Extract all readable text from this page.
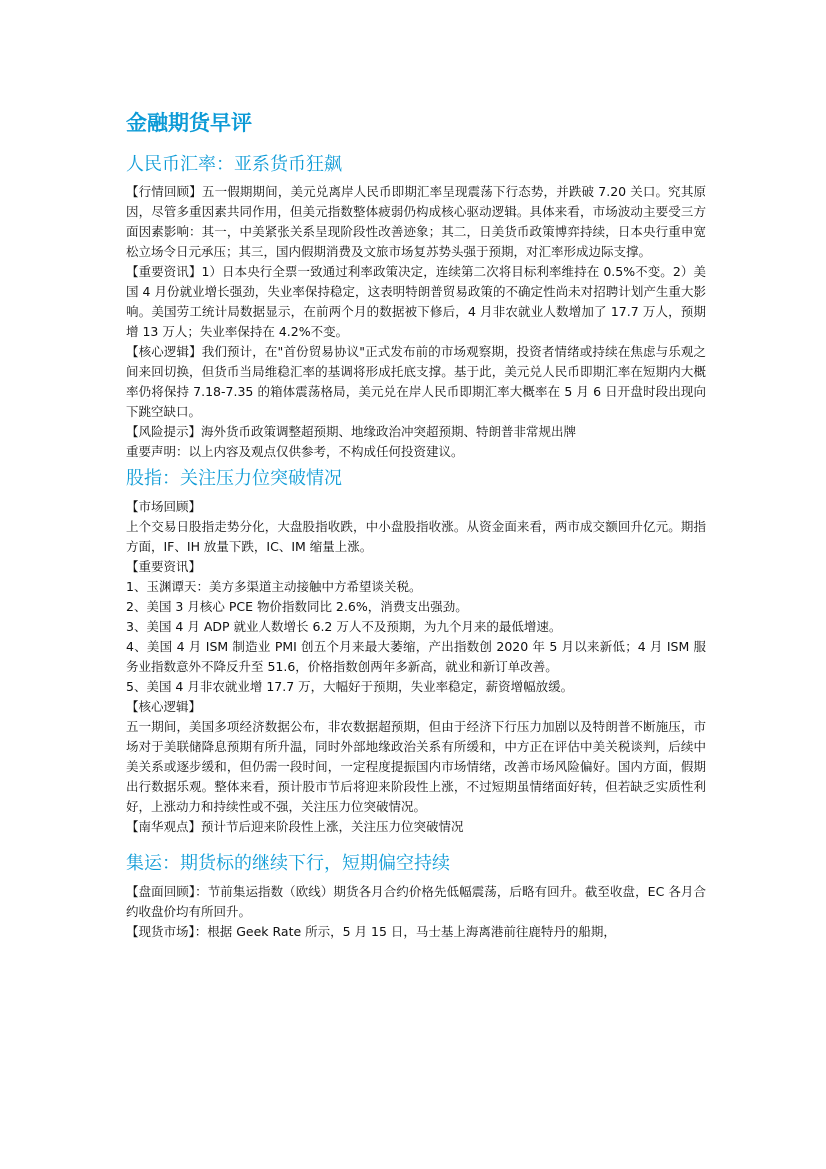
金融期货早评
人民币汇率：亚系货币狂飙

【行情回顾】五一假期期间，美元兑离岸人民币即期汇率呈现震荡下行态势，并跌破 7.20 关口。究其原因，尽管多重因素共同作用，但美元指数整体疲弱仍构成核心驱动逻辑。具体来看，市场波动主要受三方面因素影响：其一，中美紧张关系呈现阶段性改善迹象；其二，日美货币政策博弈持续，日本央行重申宽松立场令日元承压；其三，国内假期消费及文旅市场复苏势头强于预期，对汇率形成边际支撑。

【重要资讯】1）日本央行全票一致通过利率政策决定，连续第二次将目标利率维持在 0.5%不变。2）美国 4 月份就业增长强劲，失业率保持稳定，这表明特朗普贸易政策的不确定性尚未对招聘计划产生重大影响。美国劳工统计局数据显示，在前两个月的数据被下修后，4 月非农就业人数增加了 17.7 万人，预期增 13 万人；失业率保持在 4.2%不变。

【核心逻辑】我们预计，在"首份贸易协议"正式发布前的市场观察期，投资者情绪或持续在焦虑与乐观之间来回切换，但货币当局维稳汇率的基调将形成托底支撑。基于此，美元兑人民币即期汇率在短期内大概率仍将保持 7.18-7.35 的箱体震荡格局，美元兑在岸人民币即期汇率大概率在 5 月 6 日开盘时段出现向下跳空缺口。

【风险提示】海外货币政策调整超预期、地缘政治冲突超预期、特朗普非常规出牌

重要声明：以上内容及观点仅供参考，不构成任何投资建议。

股指：关注压力位突破情况

【市场回顾】

上个交易日股指走势分化，大盘股指收跌，中小盘股指收涨。从资金面来看，两市成交额回升亿元。期指方面，IF、IH 放量下跌，IC、IM 缩量上涨。

【重要资讯】

1、玉渊谭天：美方多渠道主动接触中方希望谈关税。

2、美国 3 月核心 PCE 物价指数同比 2.6%，消费支出强劲。

3、美国 4 月 ADP 就业人数增长 6.2 万人不及预期，为九个月来的最低增速。

4、美国 4 月 ISM 制造业 PMI 创五个月来最大萎缩，产出指数创 2020 年 5 月以来新低；4 月 ISM 服务业指数意外不降反升至 51.6，价格指数创两年多新高，就业和新订单改善。

5、美国 4 月非农就业增 17.7 万，大幅好于预期，失业率稳定，薪资增幅放缓。

【核心逻辑】

五一期间，美国多项经济数据公布，非农数据超预期，但由于经济下行压力加剧以及特朗普不断施压，市场对于美联储降息预期有所升温，同时外部地缘政治关系有所缓和，中方正在评估中美关税谈判，后续中美关系或逐步缓和，但仍需一段时间，一定程度提振国内市场情绪，改善市场风险偏好。国内方面，假期出行数据乐观。整体来看，预计股市节后将迎来阶段性上涨，不过短期虽情绪面好转，但若缺乏实质性利好，上涨动力和持续性或不强，关注压力位突破情况。

【南华观点】预计节后迎来阶段性上涨，关注压力位突破情况

集运：期货标的继续下行，短期偏空持续

【盘面回顾】：节前集运指数（欧线）期货各月合约价格先低幅震荡，后略有回升。截至收盘，EC 各月合约收盘价均有所回升。

【现货市场】：根据 Geek Rate 所示，5 月 15 日，马士基上海离港前往鹿特丹的船期，
